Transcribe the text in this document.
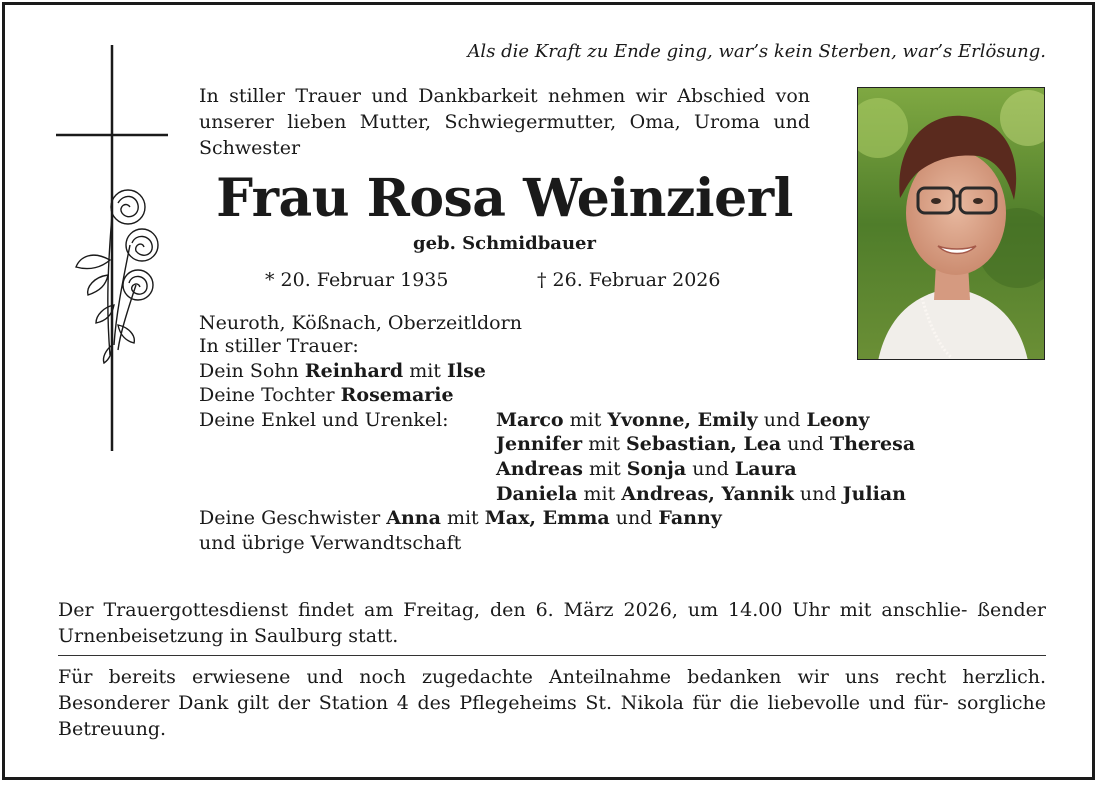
Als die Kraft zu Ende ging, war’s kein Sterben, war’s Erlösung.
In stiller Trauer und Dankbarkeit nehmen wir Abschied von unserer lieben Mutter, Schwiegermutter, Oma, Uroma und Schwester
Frau Rosa Weinzierl
geb. Schmidbauer
* 20. Februar 1935	† 26. Februar 2026
Neuroth, Kößnach, Oberzeitldorn
In stiller Trauer:
Dein Sohn Reinhard mit Ilse
Deine Tochter Rosemarie
Deine Enkel und Urenkel: Marco mit Yvonne, Emily und Leony
Jennifer mit Sebastian, Lea und Theresa
Andreas mit Sonja und Laura
Daniela mit Andreas, Yannik und Julian
Deine Geschwister Anna mit Max, Emma und Fanny
und übrige Verwandtschaft
Der Trauergottesdienst findet am Freitag, den 6. März 2026, um 14.00 Uhr mit anschlie- ßender Urnenbeisetzung in Saulburg statt.
Für bereits erwiesene und noch zugedachte Anteilnahme bedanken wir uns recht herzlich. Besonderer Dank gilt der Station 4 des Pflegeheims St. Nikola für die liebevolle und für- sorgliche Betreuung.
